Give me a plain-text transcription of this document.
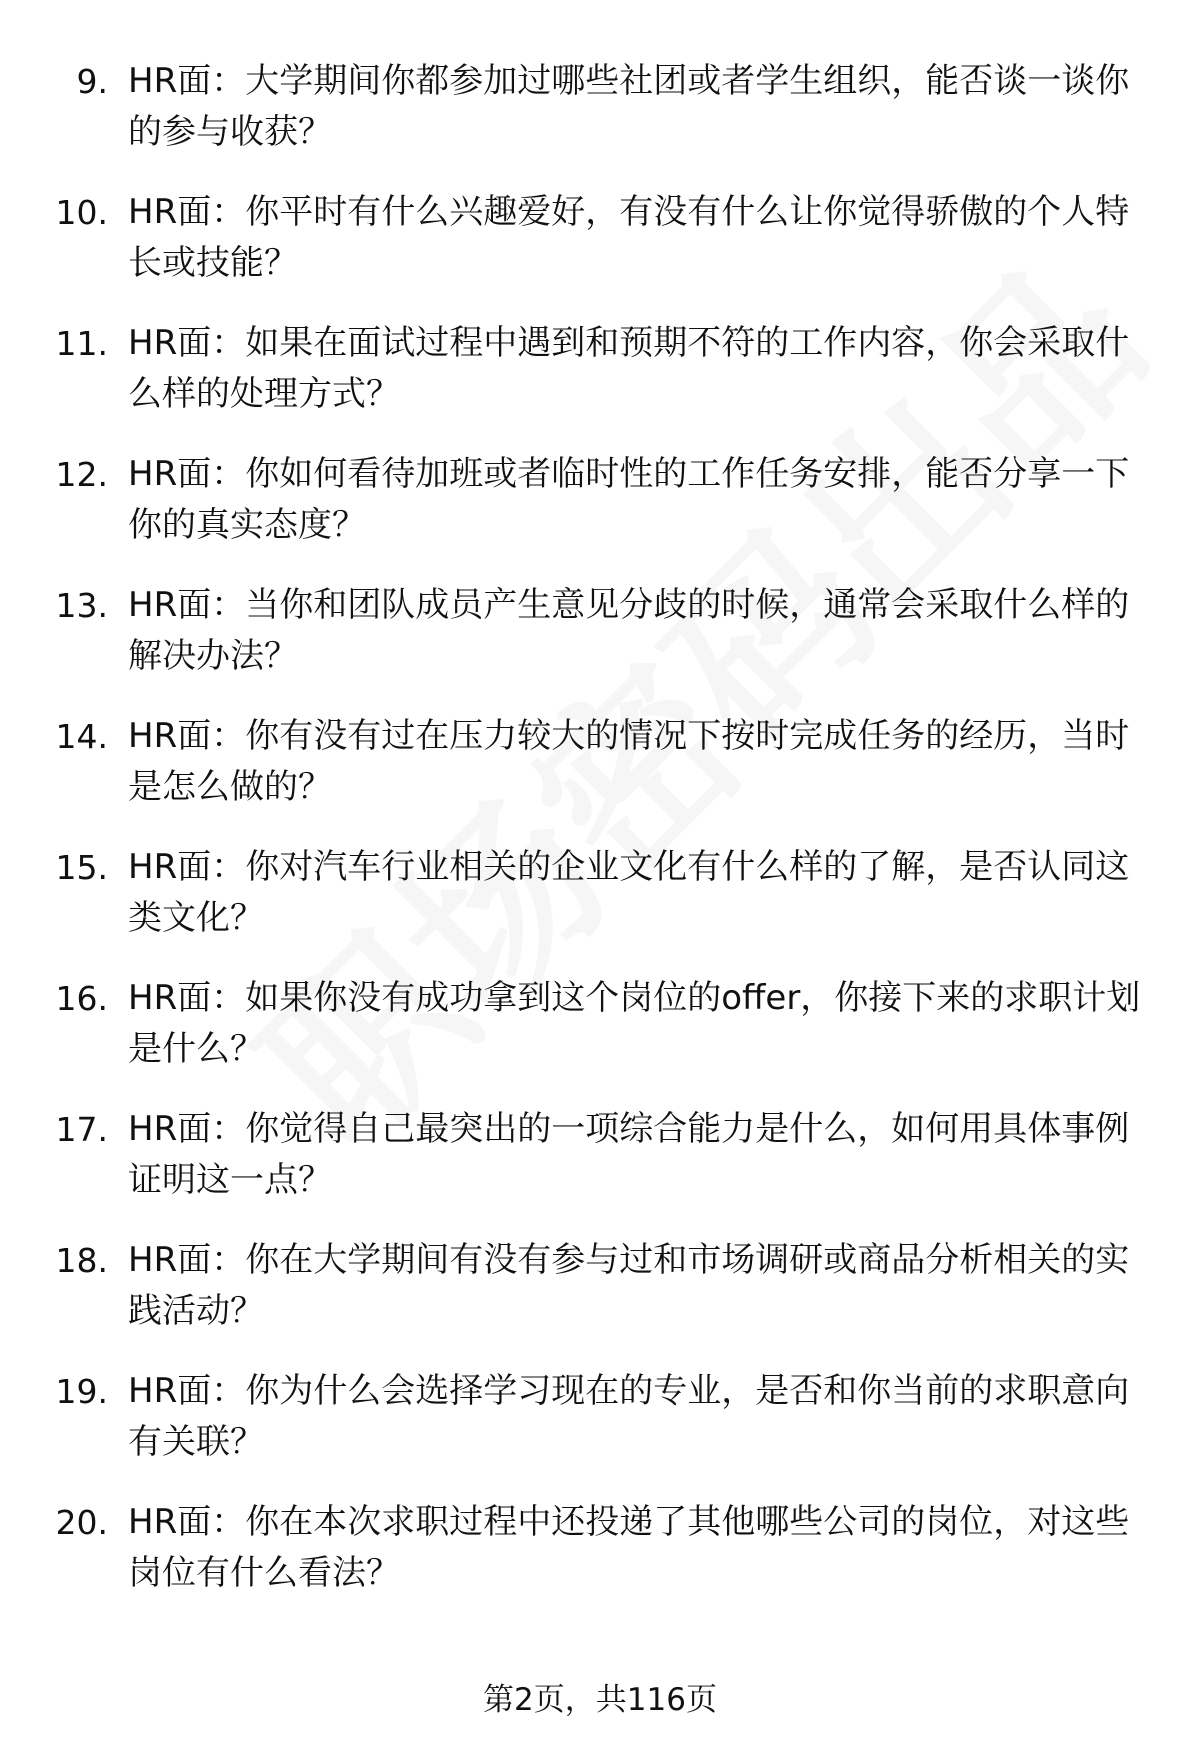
9. HR面：大学期间你都参加过哪些社团或者学生组织，能否谈一谈你的参与收获？
10. HR面：你平时有什么兴趣爱好，有没有什么让你觉得骄傲的个人特长或技能？
11. HR面：如果在面试过程中遇到和预期不符的工作内容，你会采取什么样的处理方式？
12. HR面：你如何看待加班或者临时性的工作任务安排，能否分享一下你的真实态度？
13. HR面：当你和团队成员产生意见分歧的时候，通常会采取什么样的解决办法？
14. HR面：你有没有过在压力较大的情况下按时完成任务的经历，当时是怎么做的？
15. HR面：你对汽车行业相关的企业文化有什么样的了解，是否认同这类文化？
16. HR面：如果你没有成功拿到这个岗位的offer，你接下来的求职计划是什么？
17. HR面：你觉得自己最突出的一项综合能力是什么，如何用具体事例证明这一点？
18. HR面：你在大学期间有没有参与过和市场调研或商品分析相关的实践活动？
19. HR面：你为什么会选择学习现在的专业，是否和你当前的求职意向有关联？
20. HR面：你在本次求职过程中还投递了其他哪些公司的岗位，对这些岗位有什么看法？
第2页，共116页
